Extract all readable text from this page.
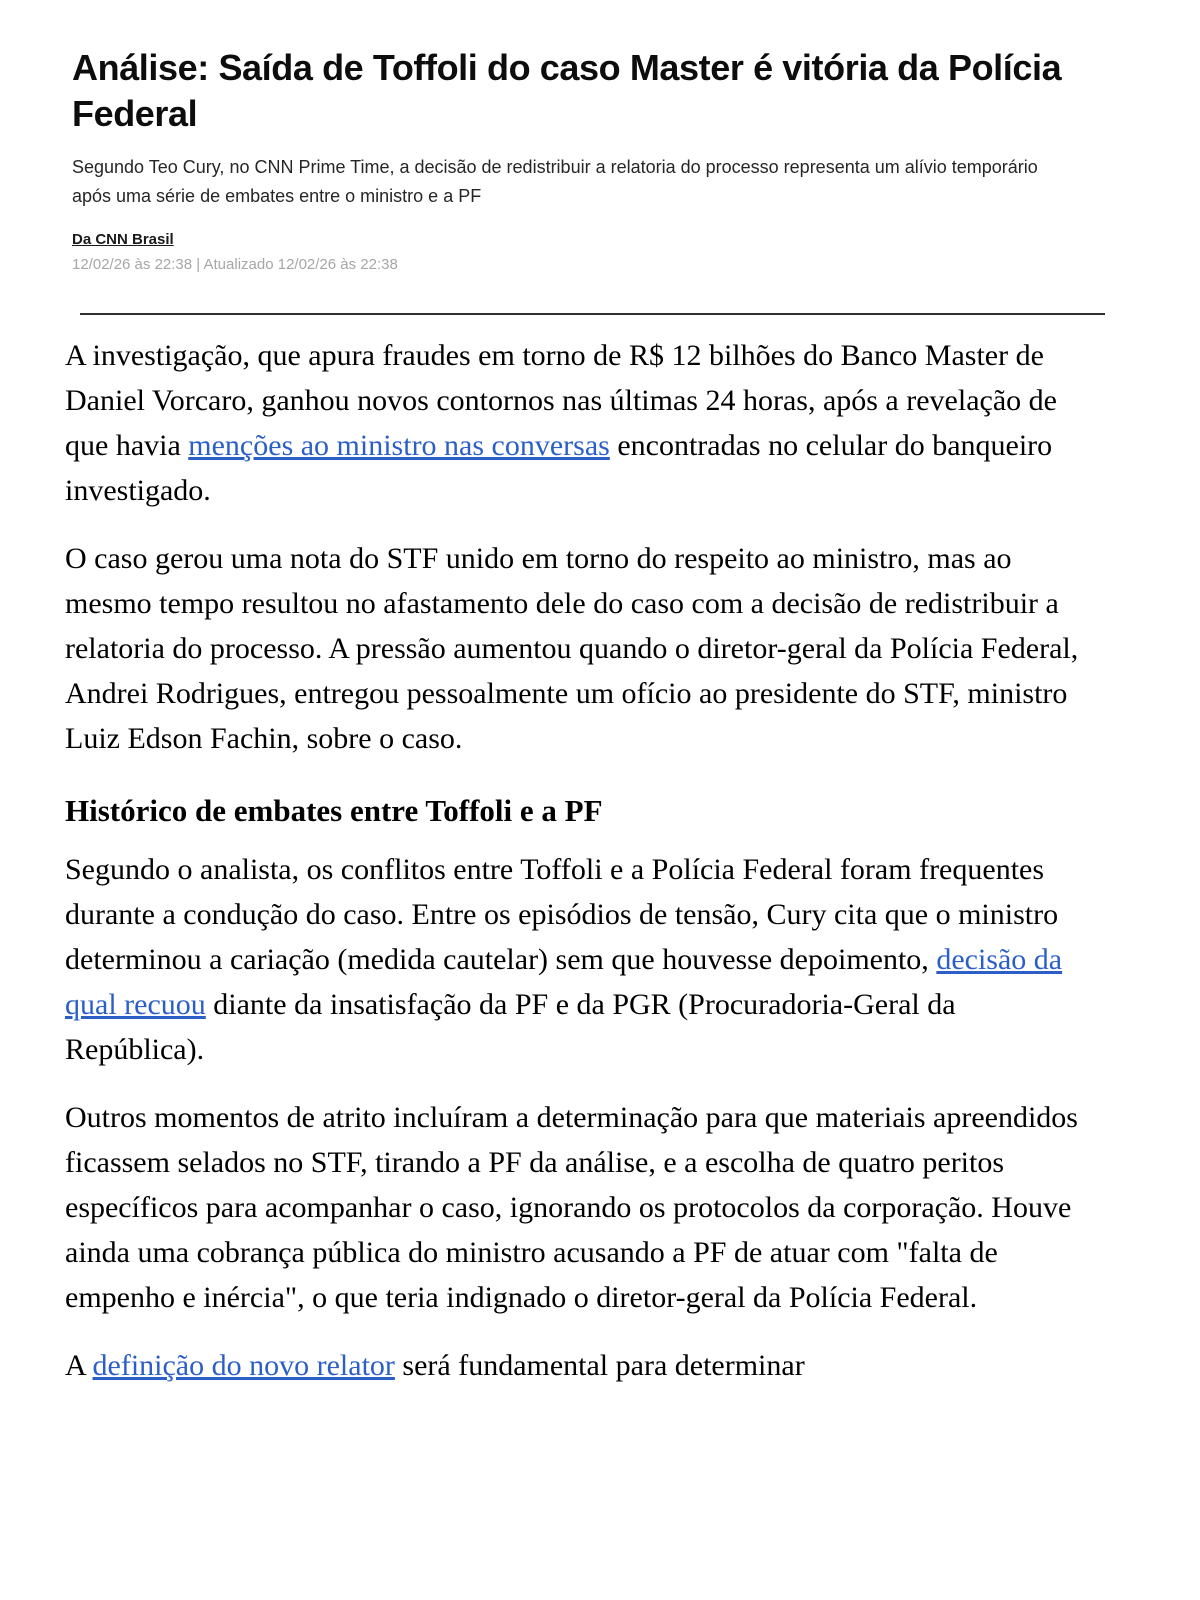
Análise: Saída de Toffoli do caso Master é vitória da Polícia Federal

Segundo Teo Cury, no CNN Prime Time, a decisão de redistribuir a relatoria do processo representa um alívio temporário após uma série de embates entre o ministro e a PF

Da CNN Brasil
12/02/26 às 22:38 | Atualizado 12/02/26 às 22:38

A investigação, que apura fraudes em torno de R$ 12 bilhões do Banco Master de Daniel Vorcaro, ganhou novos contornos nas últimas 24 horas, após a revelação de que havia menções ao ministro nas conversas encontradas no celular do banqueiro investigado.

O caso gerou uma nota do STF unido em torno do respeito ao ministro, mas ao mesmo tempo resultou no afastamento dele do caso com a decisão de redistribuir a relatoria do processo. A pressão aumentou quando o diretor-geral da Polícia Federal, Andrei Rodrigues, entregou pessoalmente um ofício ao presidente do STF, ministro Luiz Edson Fachin, sobre o caso.

Histórico de embates entre Toffoli e a PF

Segundo o analista, os conflitos entre Toffoli e a Polícia Federal foram frequentes durante a condução do caso. Entre os episódios de tensão, Cury cita que o ministro determinou a cariação (medida cautelar) sem que houvesse depoimento, decisão da qual recuou diante da insatisfação da PF e da PGR (Procuradoria-Geral da República).

Outros momentos de atrito incluíram a determinação para que materiais apreendidos ficassem selados no STF, tirando a PF da análise, e a escolha de quatro peritos específicos para acompanhar o caso, ignorando os protocolos da corporação. Houve ainda uma cobrança pública do ministro acusando a PF de atuar com "falta de empenho e inércia", o que teria indignado o diretor-geral da Polícia Federal.

A definição do novo relator será fundamental para determinar
